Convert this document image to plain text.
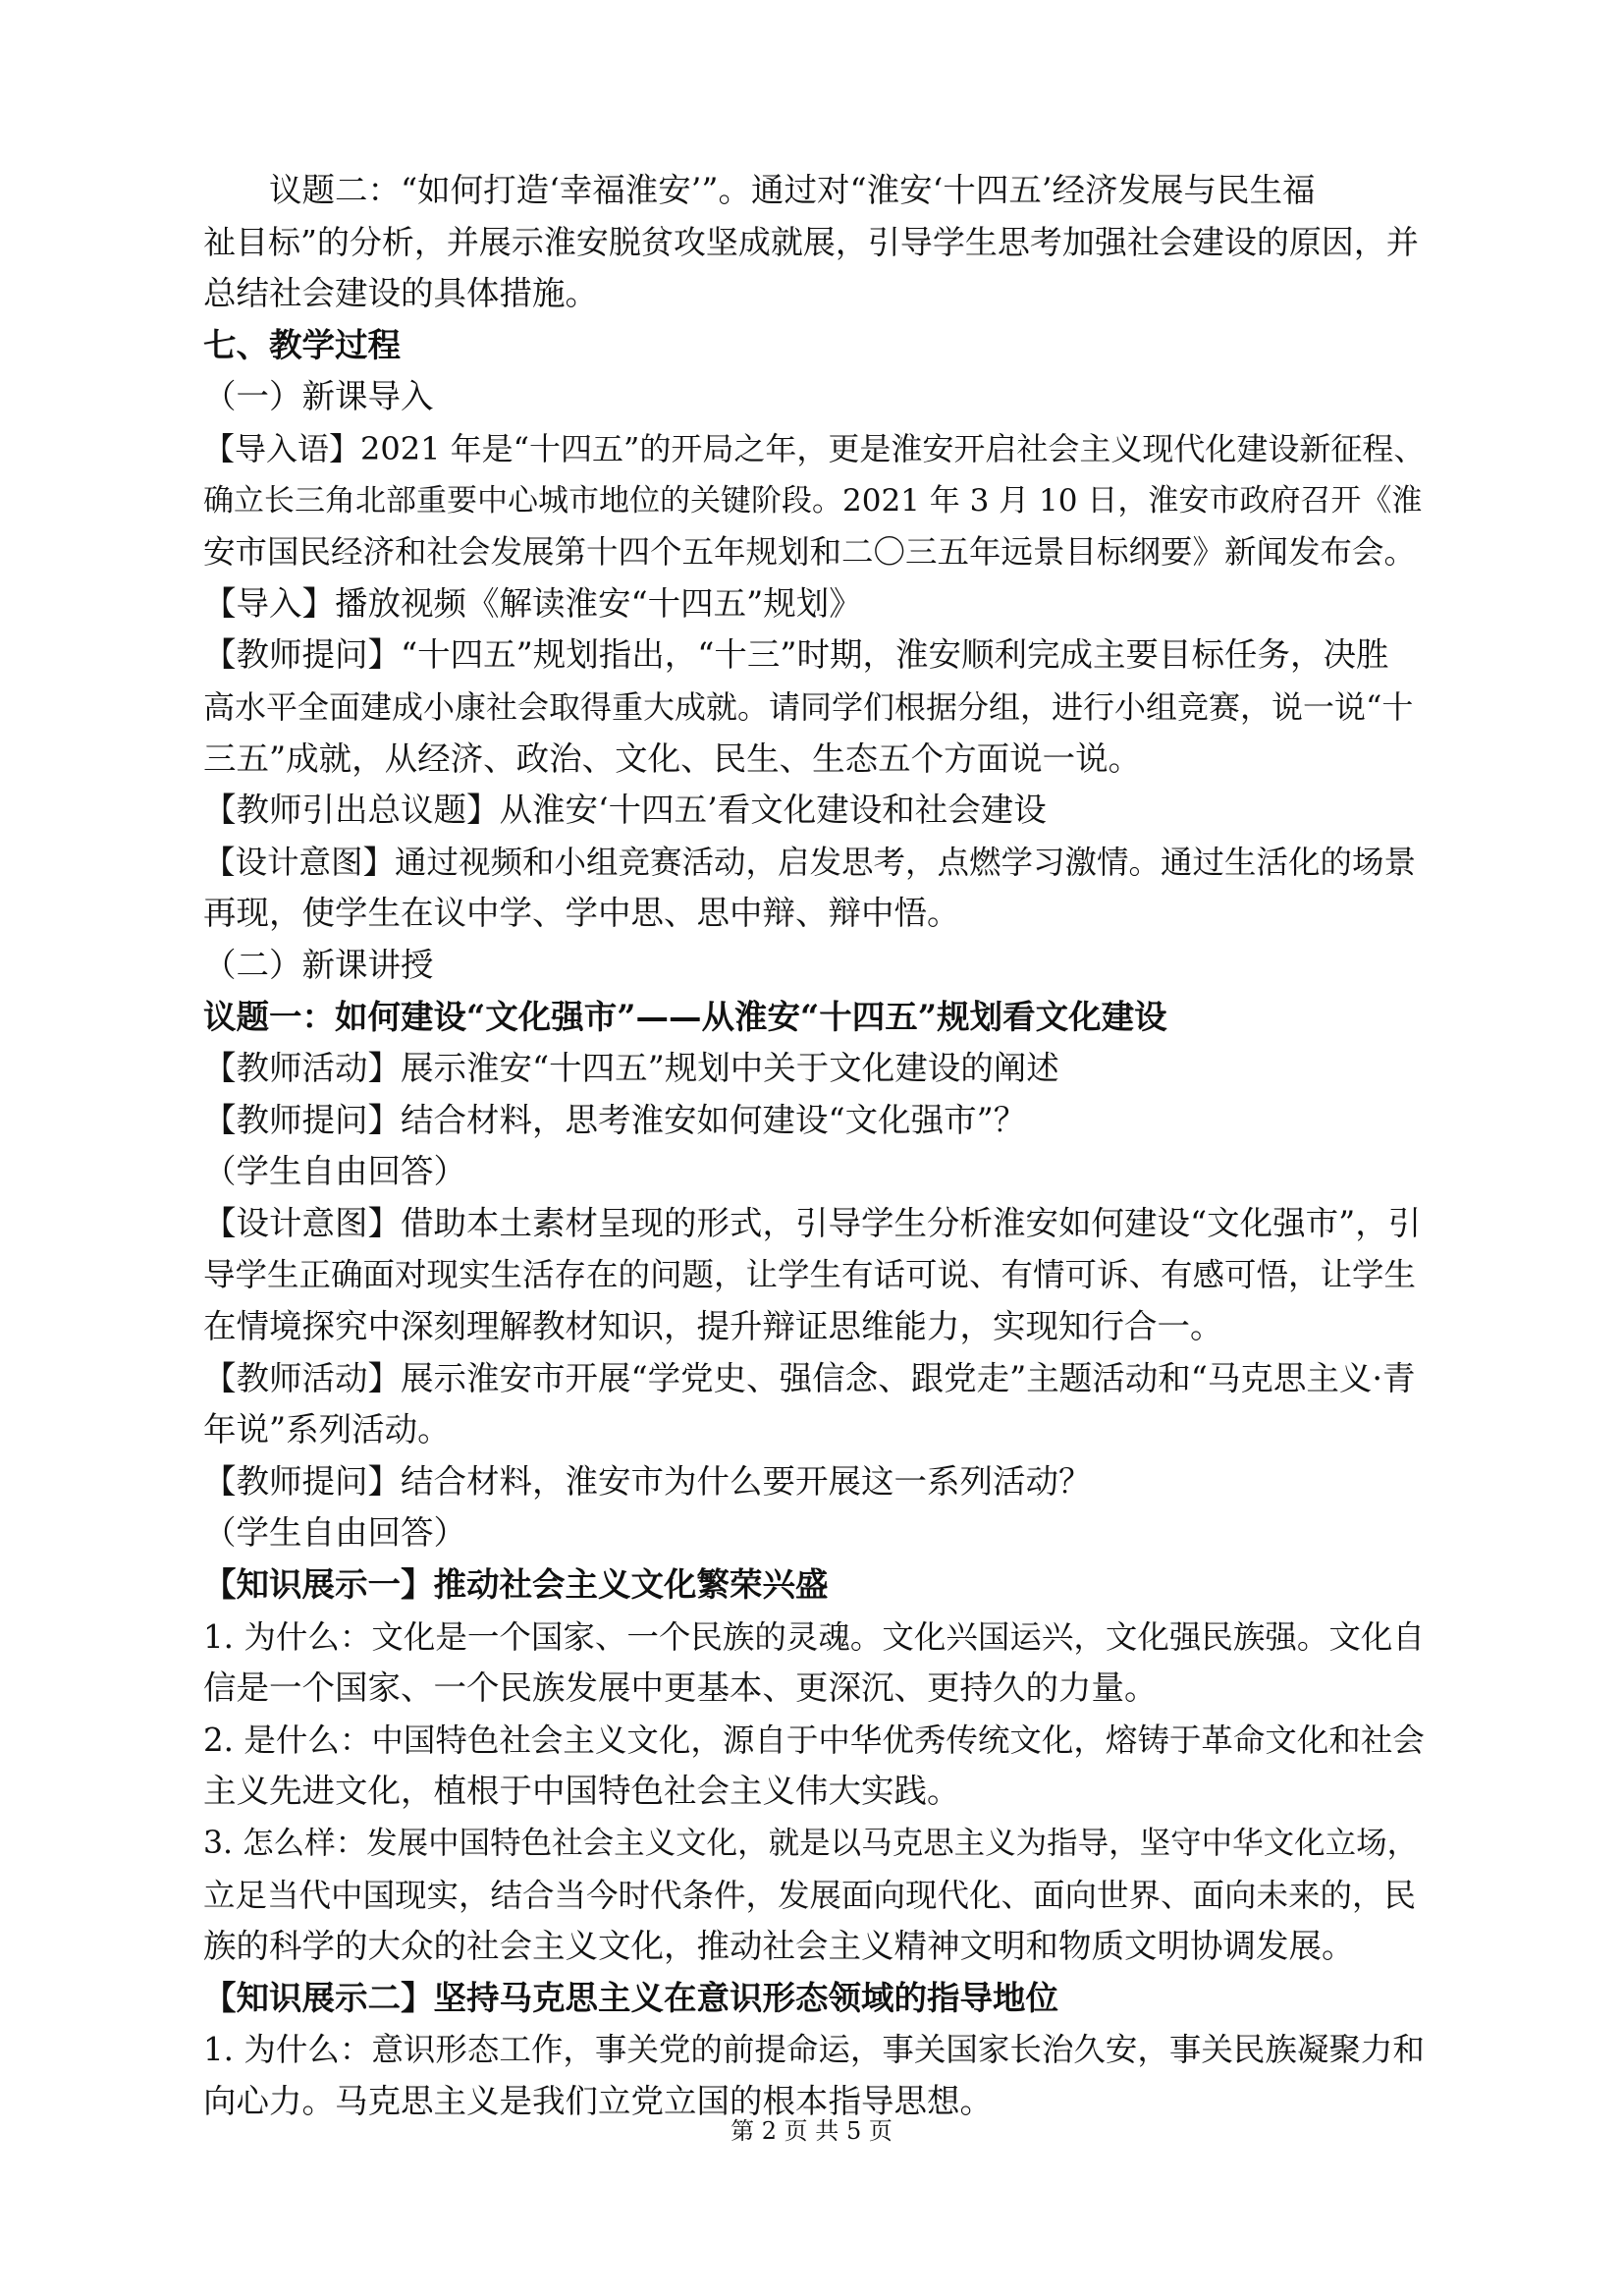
议题二：“如何打造‘幸福淮安’”。通过对“淮安‘十四五’经济发展与民生福
祉目标”的分析，并展示淮安脱贫攻坚成就展，引导学生思考加强社会建设的原因，并
总结社会建设的具体措施。
七、教学过程
（一）新课导入
【导入语】2021 年是“十四五”的开局之年，更是淮安开启社会主义现代化建设新征程、
确立长三角北部重要中心城市地位的关键阶段。2021 年 3 月 10 日，淮安市政府召开《淮
安市国民经济和社会发展第十四个五年规划和二〇三五年远景目标纲要》新闻发布会。
【导入】播放视频《解读淮安“十四五”规划》
【教师提问】“十四五”规划指出，“十三”时期，淮安顺利完成主要目标任务，决胜
高水平全面建成小康社会取得重大成就。请同学们根据分组，进行小组竞赛，说一说“十
三五”成就，从经济、政治、文化、民生、生态五个方面说一说。
【教师引出总议题】从淮安‘十四五’看文化建设和社会建设
【设计意图】通过视频和小组竞赛活动，启发思考，点燃学习激情。通过生活化的场景
再现，使学生在议中学、学中思、思中辩、辩中悟。
（二）新课讲授
议题一：如何建设“文化强市”——从淮安“十四五”规划看文化建设
【教师活动】展示淮安“十四五”规划中关于文化建设的阐述
【教师提问】结合材料，思考淮安如何建设“文化强市”？
（学生自由回答）
【设计意图】借助本土素材呈现的形式，引导学生分析淮安如何建设“文化强市”，引
导学生正确面对现实生活存在的问题，让学生有话可说、有情可诉、有感可悟，让学生
在情境探究中深刻理解教材知识，提升辩证思维能力，实现知行合一。
【教师活动】展示淮安市开展“学党史、强信念、跟党走”主题活动和“马克思主义·青
年说”系列活动。
【教师提问】结合材料，淮安市为什么要开展这一系列活动？
（学生自由回答）
【知识展示一】推动社会主义文化繁荣兴盛
1. 为什么：文化是一个国家、一个民族的灵魂。文化兴国运兴，文化强民族强。文化自
信是一个国家、一个民族发展中更基本、更深沉、更持久的力量。
2. 是什么：中国特色社会主义文化，源自于中华优秀传统文化，熔铸于革命文化和社会
主义先进文化，植根于中国特色社会主义伟大实践。
3. 怎么样：发展中国特色社会主义文化，就是以马克思主义为指导，坚守中华文化立场，
立足当代中国现实，结合当今时代条件，发展面向现代化、面向世界、面向未来的，民
族的科学的大众的社会主义文化，推动社会主义精神文明和物质文明协调发展。
【知识展示二】坚持马克思主义在意识形态领域的指导地位
1. 为什么：意识形态工作，事关党的前提命运，事关国家长治久安，事关民族凝聚力和
向心力。马克思主义是我们立党立国的根本指导思想。
第 2 页 共 5 页
